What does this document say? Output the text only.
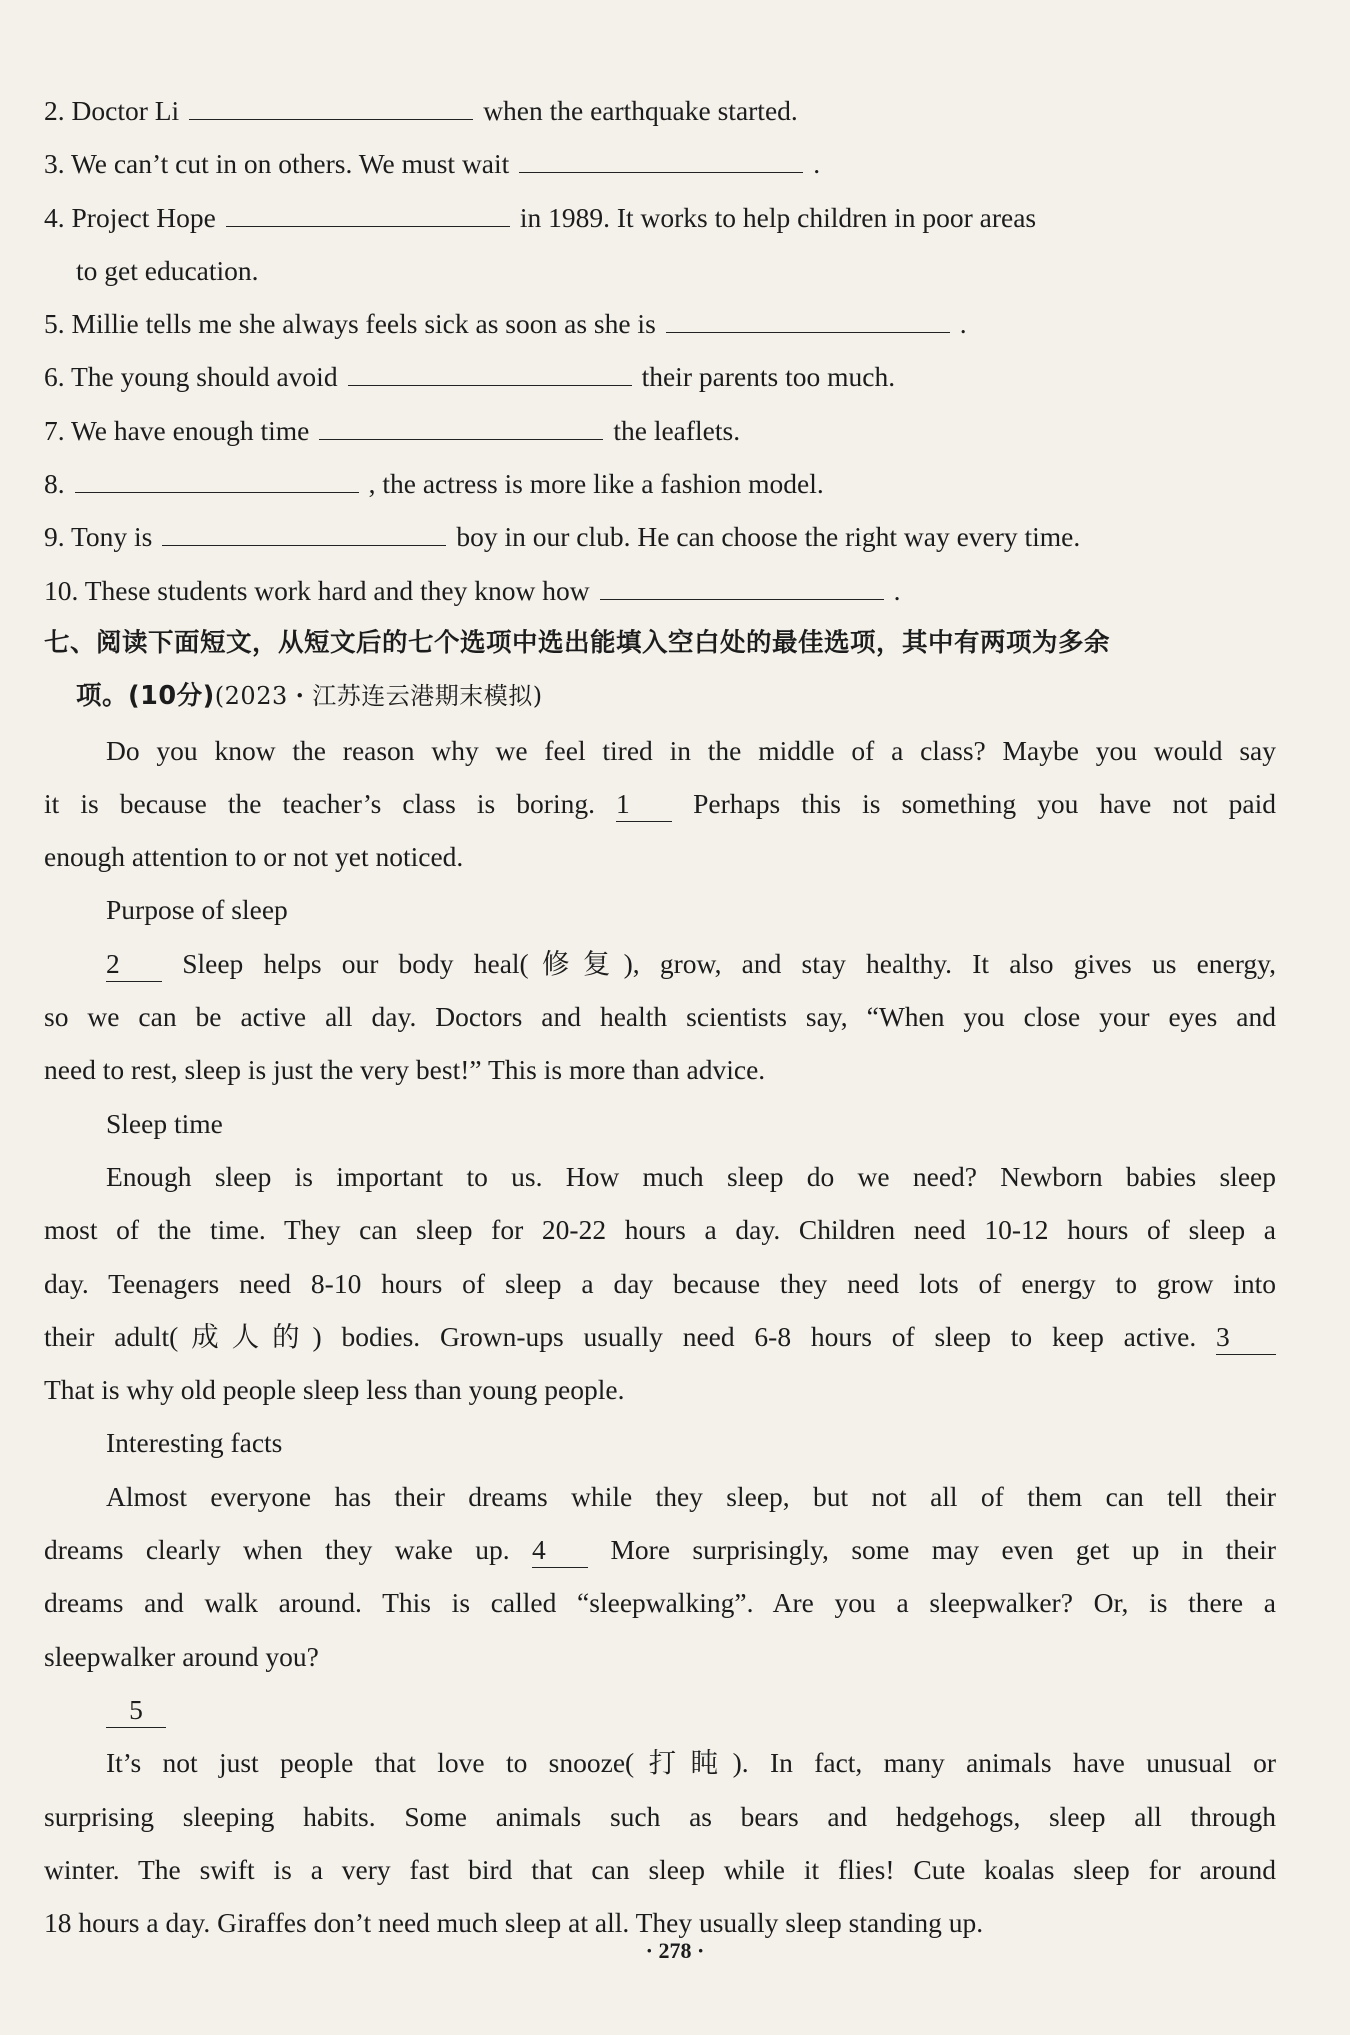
2. Doctor Li	when the earthquake started.
3. We can’t cut in on others. We must wait	.
4. Project Hope	in 1989. It works to help children in poor areas
to get education.
5. Millie tells me she always feels sick as soon as she is	.
6. The young should avoid	their parents too much.
7. We have enough time	the leaflets.
8.	, the actress is more like a fashion model.
9. Tony is	boy in our club. He can choose the right way every time.
10. These students work hard and they know how	.
七、阅读下面短文，从短文后的七个选项中选出能填入空白处的最佳选项，其中有两项为多余
项。(10分)(2023・江苏连云港期末模拟)
Do you know the reason why we feel tired in the middle of a class? Maybe you would say
it is because the teacher’s class is boring. 1 Perhaps this is something you have not paid
enough attention to or not yet noticed.
Purpose of sleep
2 Sleep helps our body heal(修复), grow, and stay healthy. It also gives us energy,
so we can be active all day. Doctors and health scientists say, “When you close your eyes and
need to rest, sleep is just the very best!” This is more than advice.
Sleep time
Enough sleep is important to us. How much sleep do we need? Newborn babies sleep
most of the time. They can sleep for 20-22 hours a day. Children need 10-12 hours of sleep a
day. Teenagers need 8-10 hours of sleep a day because they need lots of energy to grow into
their adult(成人的) bodies. Grown-ups usually need 6-8 hours of sleep to keep active. 3
That is why old people sleep less than young people.
Interesting facts
Almost everyone has their dreams while they sleep, but not all of them can tell their
dreams clearly when they wake up. 4 More surprisingly, some may even get up in their
dreams and walk around. This is called “sleepwalking”. Are you a sleepwalker? Or, is there a
sleepwalker around you?
5
It’s not just people that love to snooze(打盹). In fact, many animals have unusual or
surprising sleeping habits. Some animals such as bears and hedgehogs, sleep all through
winter. The swift is a very fast bird that can sleep while it flies! Cute koalas sleep for around
18 hours a day. Giraffes don’t need much sleep at all. They usually sleep standing up.
· 278 ·
